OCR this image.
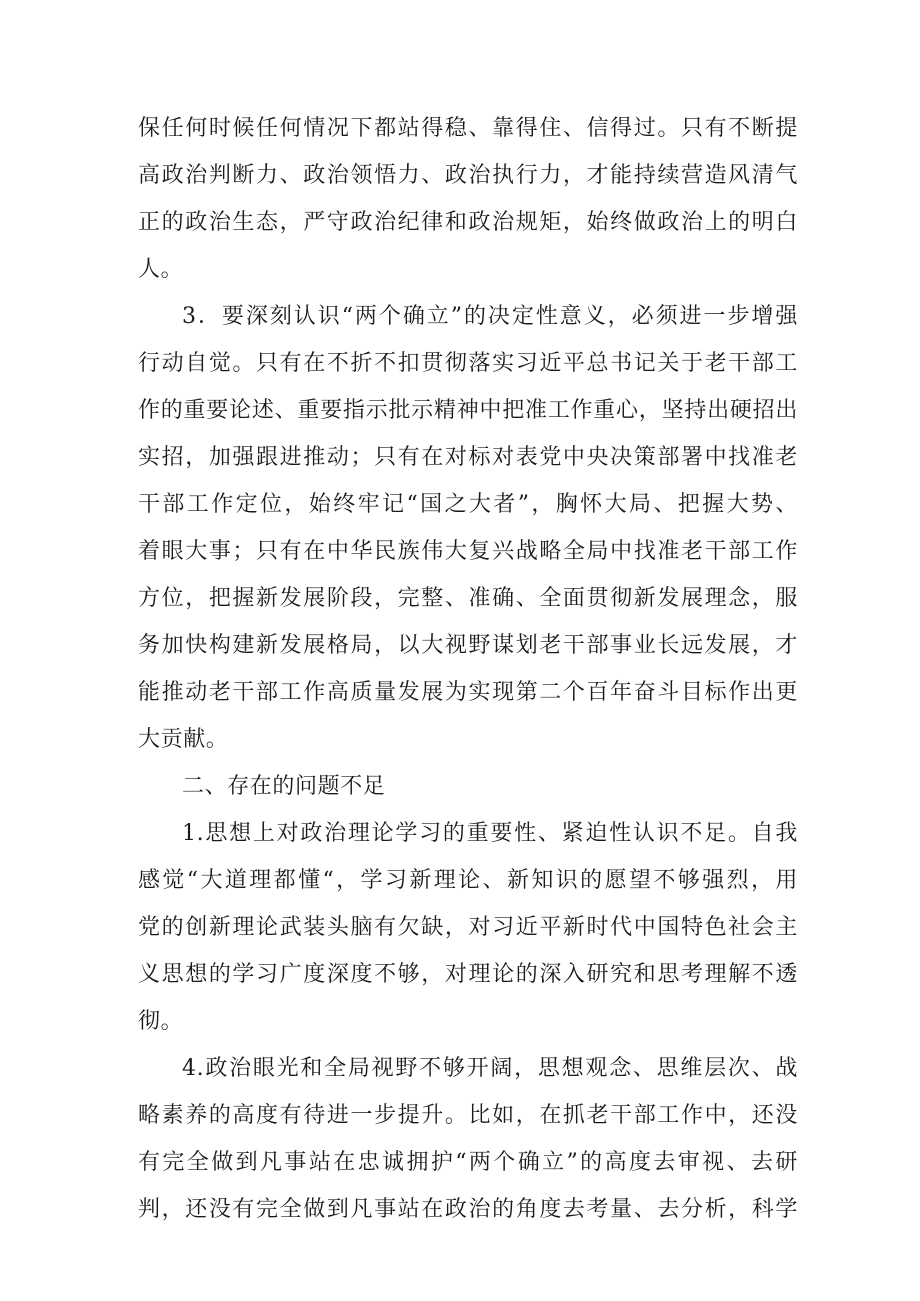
保任何时候任何情况下都站得稳、靠得住、信得过。只有不断提
高政治判断力、政治领悟力、政治执行力，才能持续营造风清气
正的政治生态，严守政治纪律和政治规矩，始终做政治上的明白
人。
3．要深刻认识“两个确立”的决定性意义，必须进一步增强
行动自觉。只有在不折不扣贯彻落实习近平总书记关于老干部工
作的重要论述、重要指示批示精神中把准工作重心，坚持出硬招出
实招，加强跟进推动；只有在对标对表党中央决策部署中找准老
干部工作定位，始终牢记“国之大者”，胸怀大局、把握大势、
着眼大事；只有在中华民族伟大复兴战略全局中找准老干部工作
方位，把握新发展阶段，完整、准确、全面贯彻新发展理念，服
务加快构建新发展格局，以大视野谋划老干部事业长远发展，才
能推动老干部工作高质量发展为实现第二个百年奋斗目标作出更
大贡献。
二、存在的问题不足
1.思想上对政治理论学习的重要性、紧迫性认识不足。自我
感觉“大道理都懂“，学习新理论、新知识的愿望不够强烈，用
党的创新理论武装头脑有欠缺，对习近平新时代中国特色社会主
义思想的学习广度深度不够，对理论的深入研究和思考理解不透
彻。
4.政治眼光和全局视野不够开阔，思想观念、思维层次、战
略素养的高度有待进一步提升。比如，在抓老干部工作中，还没
有完全做到凡事站在忠诚拥护“两个确立”的高度去审视、去研
判，还没有完全做到凡事站在政治的角度去考量、去分析，科学
